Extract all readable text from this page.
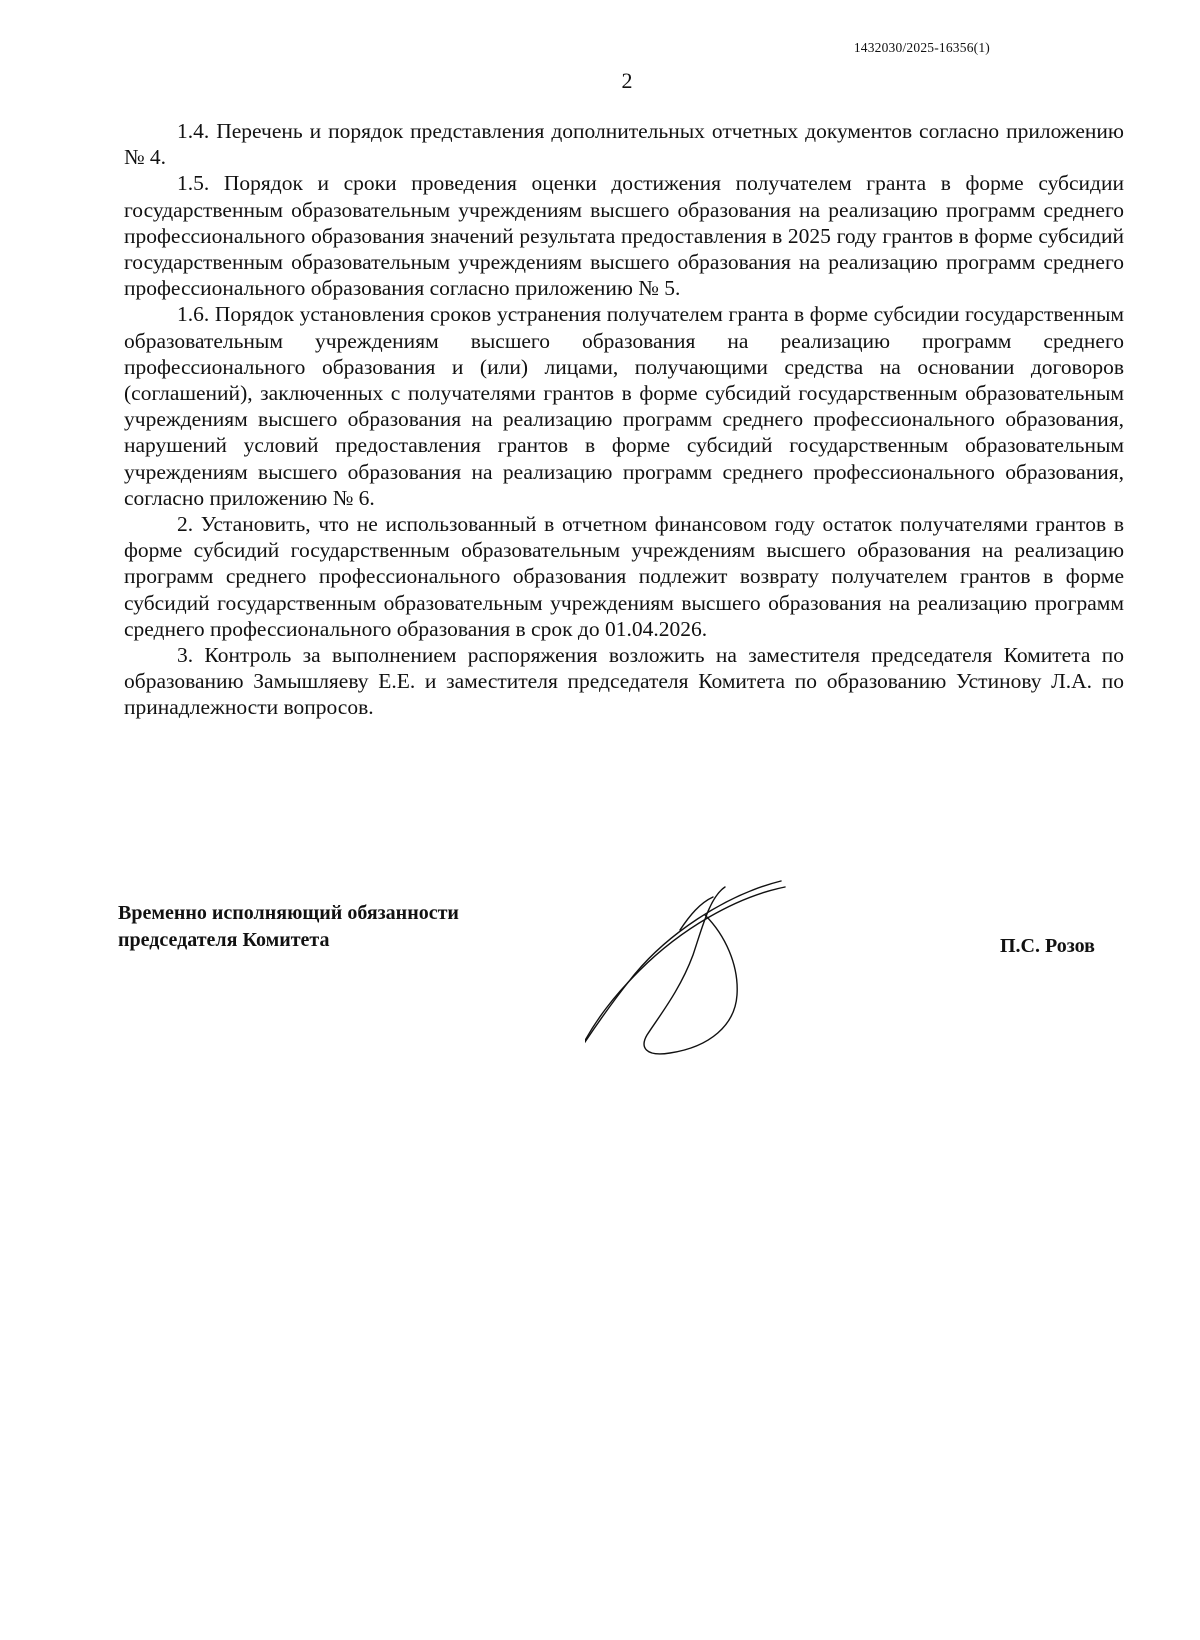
1432030/2025-16356(1)
2

1.4. Перечень и порядок представления дополнительных отчетных документов согласно приложению № 4.

1.5. Порядок и сроки проведения оценки достижения получателем гранта в форме субсидии государственным образовательным учреждениям высшего образования на реализацию программ среднего профессионального образования значений результата предоставления в 2025 году грантов в форме субсидий государственным образовательным учреждениям высшего образования на реализацию программ среднего профессионального образования согласно приложению № 5.

1.6. Порядок установления сроков устранения получателем гранта в форме субсидии государственным образовательным учреждениям высшего образования на реализацию программ среднего профессионального образования и (или) лицами, получающими средства на основании договоров (соглашений), заключенных с получателями грантов в форме субсидий государственным образовательным учреждениям высшего образования на реализацию программ среднего профессионального образования, нарушений условий предоставления грантов в форме субсидий государственным образовательным учреждениям высшего образования на реализацию программ среднего профессионального образования, согласно приложению № 6.

2. Установить, что не использованный в отчетном финансовом году остаток получателями грантов в форме субсидий государственным образовательным учреждениям высшего образования на реализацию программ среднего профессионального образования подлежит возврату получателем грантов в форме субсидий государственным образовательным учреждениям высшего образования на реализацию программ среднего профессионального образования в срок до 01.04.2026.

3. Контроль за выполнением распоряжения возложить на заместителя председателя Комитета по образованию Замышляеву Е.Е. и заместителя председателя Комитета по образованию Устинову Л.А. по принадлежности вопросов.

Временно исполняющий обязанности
председателя Комитета	П.С. Розов
